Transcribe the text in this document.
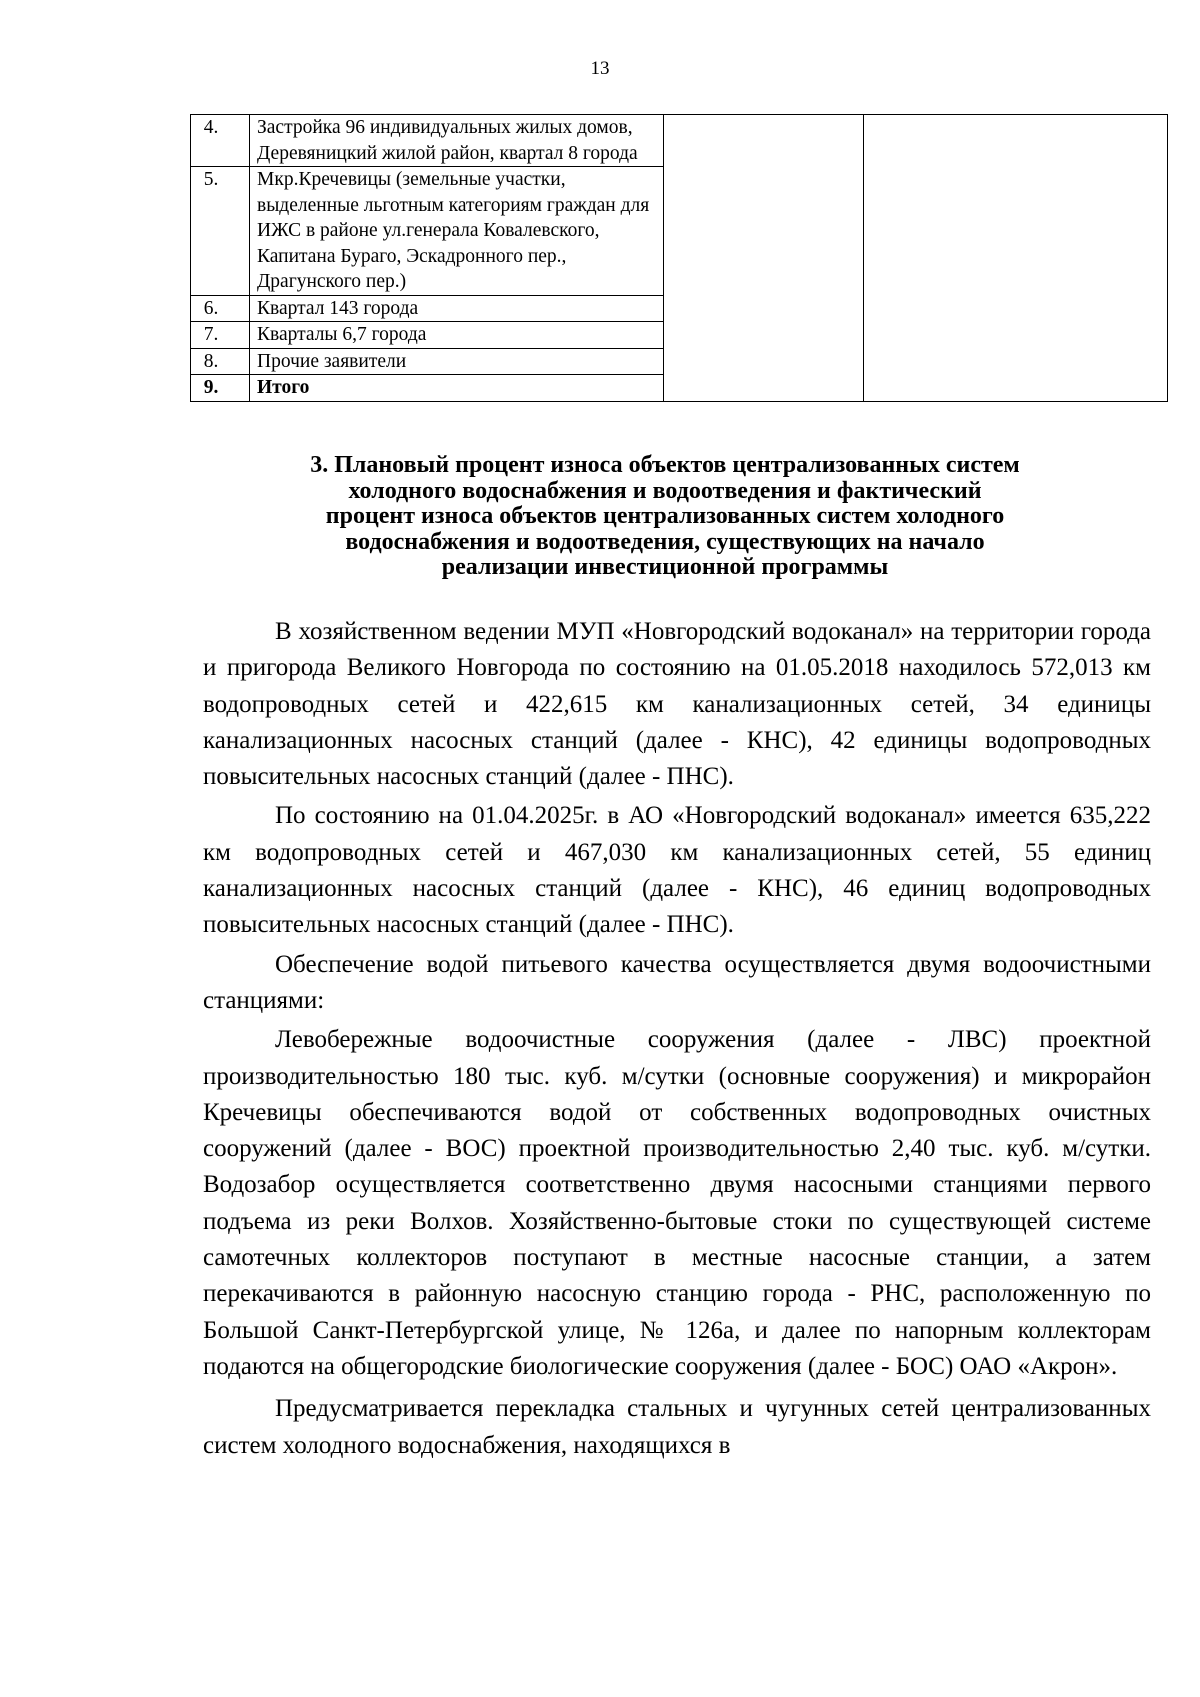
13
4.	Застройка 96 индивидуальных жилых домов, Деревяницкий жилой район, квартал 8 города		
5.	Мкр.Кречевицы (земельные участки, выделенные льготным категориям граждан для ИЖС в районе ул.генерала Ковалевского, Капитана Бураго, Эскадронного пер., Драгунского пер.)		
6.	Квартал 143 города		
7.	Кварталы 6,7 города		
8.	Прочие заявители		
9.	Итого		
3. Плановый процент износа объектов централизованных систем
холодного водоснабжения и водоотведения и фактический
процент износа объектов централизованных систем холодного
водоснабжения и водоотведения, существующих на начало
реализации инвестиционной программы

В хозяйственном ведении МУП «Новгородский водоканал» на территории города и пригорода Великого Новгорода по состоянию на 01.05.2018 находилось 572,013 км водопроводных сетей и 422,615 км канализационных сетей, 34 единицы канализационных насосных станций (далее - КНС), 42 единицы водопроводных повысительных насосных станций (далее - ПНС).

По состоянию на 01.04.2025г. в АО «Новгородский водоканал» имеется 635,222 км водопроводных сетей и 467,030 км канализационных сетей, 55 единиц канализационных насосных станций (далее - КНС), 46 единиц водопроводных повысительных насосных станций (далее - ПНС).

Обеспечение водой питьевого качества осуществляется двумя водоочистными станциями:

Левобережные водоочистные сооружения (далее - ЛВС) проектной производительностью 180 тыс. куб. м/сутки (основные сооружения) и микрорайон Кречевицы обеспечиваются водой от собственных водопроводных очистных сооружений (далее - ВОС) проектной производительностью 2,40 тыс. куб. м/сутки. Водозабор осуществляется соответственно двумя насосными станциями первого подъема из реки Волхов. Хозяйственно-бытовые стоки по существующей системе самотечных коллекторов поступают в местные насосные станции, а затем перекачиваются в районную насосную станцию города - РНС, расположенную по Большой Санкт-Петербургской улице, № 126а, и далее по напорным коллекторам подаются на общегородские биологические сооружения (далее - БОС) ОАО «Акрон».

Предусматривается перекладка стальных и чугунных сетей централизованных систем холодного водоснабжения, находящихся в
